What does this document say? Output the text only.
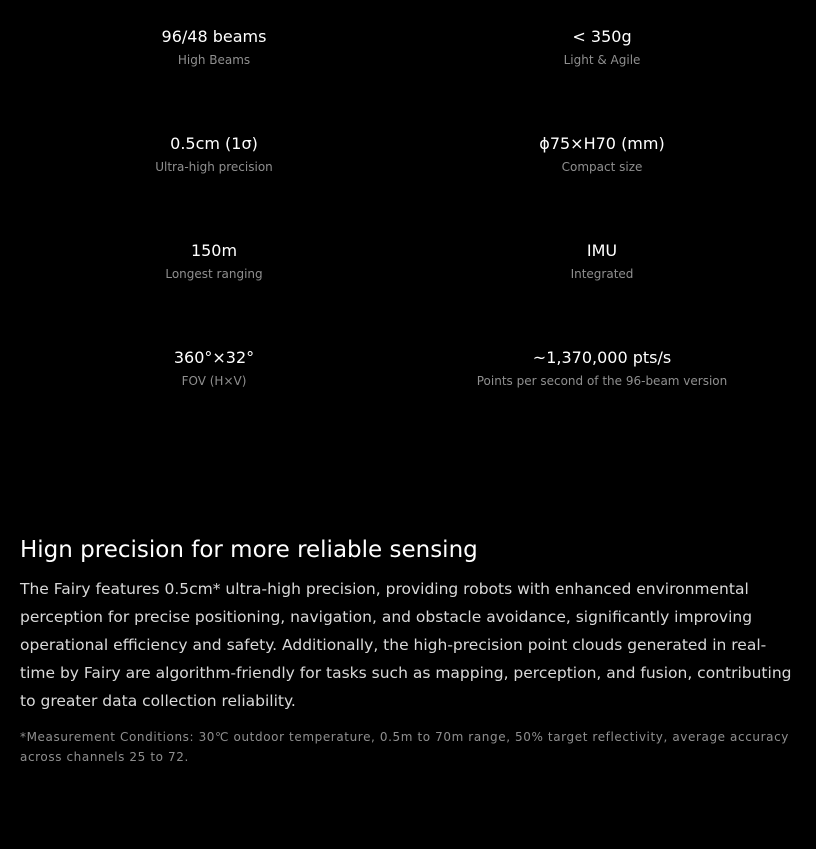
96/48 beams
High Beams
< 350g
Light & Agile
0.5cm (1σ)
Ultra-high precision
ϕ75×H70 (mm)
Compact size
150m
Longest ranging
IMU
Integrated
360°×32°
FOV (H×V)
~1,370,000 pts/s
Points per second of the 96-beam version
Hign precision for more reliable sensing

The Fairy features 0.5cm* ultra-high precision, providing robots with enhanced environmental perception for precise positioning, navigation, and obstacle avoidance, significantly improving operational efficiency and safety. Additionally, the high-precision point clouds generated in real-time by Fairy are algorithm-friendly for tasks such as mapping, perception, and fusion, contributing to greater data collection reliability.

*Measurement Conditions: 30℃ outdoor temperature, 0.5m to 70m range, 50% target reflectivity, average accuracy across channels 25 to 72.
